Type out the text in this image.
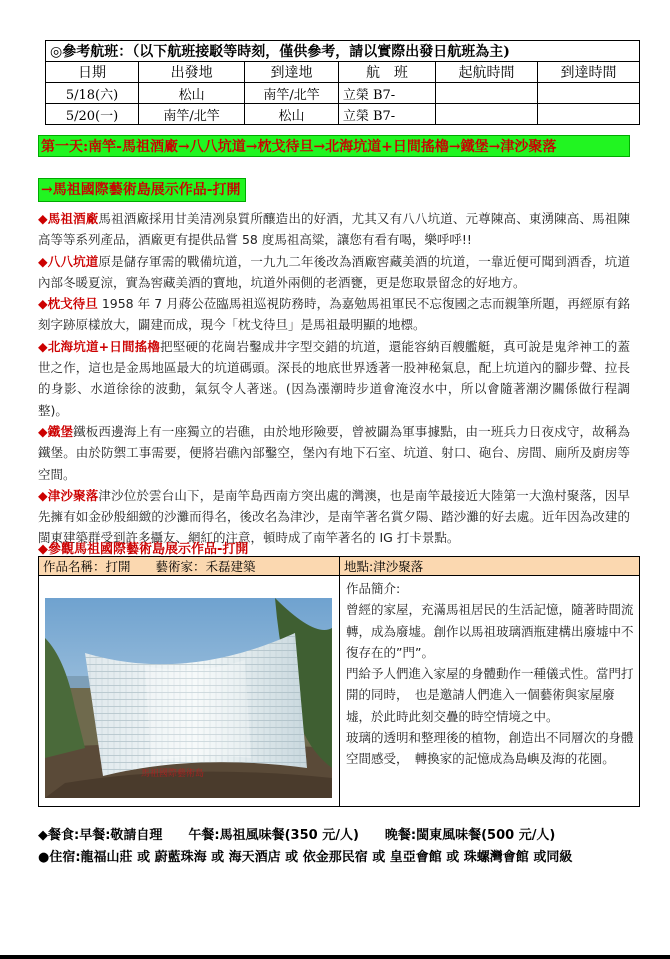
◎參考航班：（以下航班接駁等時刻，僅供參考，請以實際出發日航班為主)					
日期	出發地	到達地	航　班	起航時間	到達時間
5/18(六)	松山	南竿/北竿	立榮 B7-		
5/20(一)	南竿/北竿	松山	立榮 B7-		
第一天:南竿-馬祖酒廠→八八坑道→枕戈待旦→北海坑道+日間搖櫓→鐵堡→津沙聚落
→馬祖國際藝術島展示作品-打開

◆馬祖酒廠馬祖酒廠採用甘美清冽泉質所釀造出的好酒，尤其又有八八坑道、元尊陳高、東湧陳高、馬祖陳高等等系列產品，酒廠更有提供品嘗 58 度馬祖高粱，讓您有看有喝，樂呼呼!!

◆八八坑道原是儲存軍需的戰備坑道，一九九二年後改為酒廠窖藏美酒的坑道，一靠近便可聞到酒香，坑道內部冬暖夏涼，實為窖藏美酒的寶地，坑道外兩側的老酒甕，更是您取景留念的好地方。

◆枕戈待旦 1958 年 7 月蔣公莅臨馬祖巡視防務時，為嘉勉馬祖軍民不忘復國之志而親筆所題，再經原有銘刻字跡原樣放大，闢建而成，現今「枕戈待旦」是馬祖最明顯的地標。

◆北海坑道+日間搖櫓把堅硬的花崗岩鑿成井字型交錯的坑道，還能容納百艘艦艇，真可說是鬼斧神工的蓋世之作，這也是金馬地區最大的坑道碼頭。深長的地底世界透著一股神秘氣息，配上坑道內的腳步聲、拉長的身影、水道徐徐的波動，氣氛令人著迷。(因為漲潮時步道會淹沒水中，所以會隨著潮汐關係做行程調整)。

◆鐵堡鐵板西邊海上有一座獨立的岩礁，由於地形險要，曾被闢為軍事據點，由一班兵力日夜戍守，故稱為鐵堡。由於防禦工事需要，便將岩礁內部鑿空，堡內有地下石室、坑道、射口、砲台、房間、廁所及廚房等空間。

◆津沙聚落津沙位於雲台山下，是南竿島西南方突出處的灣澳，也是南竿最接近大陸第一大漁村聚落，因早先擁有如金砂般細緻的沙灘而得名，後改名為津沙，是南竿著名賞夕陽、踏沙灘的好去處。近年因為改建的閩東建築群受到許多攝友、網紅的注意，頓時成了南竿著名的 IG 打卡景點。

◆參觀馬祖國際藝術島展示作品-打開
作品名稱：打開　　藝術家：禾磊建築	地點:津沙聚落

馬祖國際藝術島	作品簡介:
曾經的家屋，充滿馬祖居民的生活記憶，隨著時間流轉，成為廢墟。創作以馬祖玻璃酒瓶建構出廢墟中不復存在的”門”。
門給予人們進入家屋的身體動作一種儀式性。當門打開的同時，　也是邀請人們進入一個藝術與家屋廢墟，於此時此刻交疊的時空情境之中。
玻璃的透明和整理後的植物，創造出不同層次的身體空間感受，　轉換家的記憶成為島嶼及海的花園。
◆餐食:早餐:敬請自理　　午餐:馬祖風味餐(350 元/人)　　晚餐:閩東風味餐(500 元/人)
●住宿:龍福山莊 或 蔚藍珠海 或 海天酒店 或 依金那民宿 或 皇亞會館 或 珠螺灣會館 或同級
